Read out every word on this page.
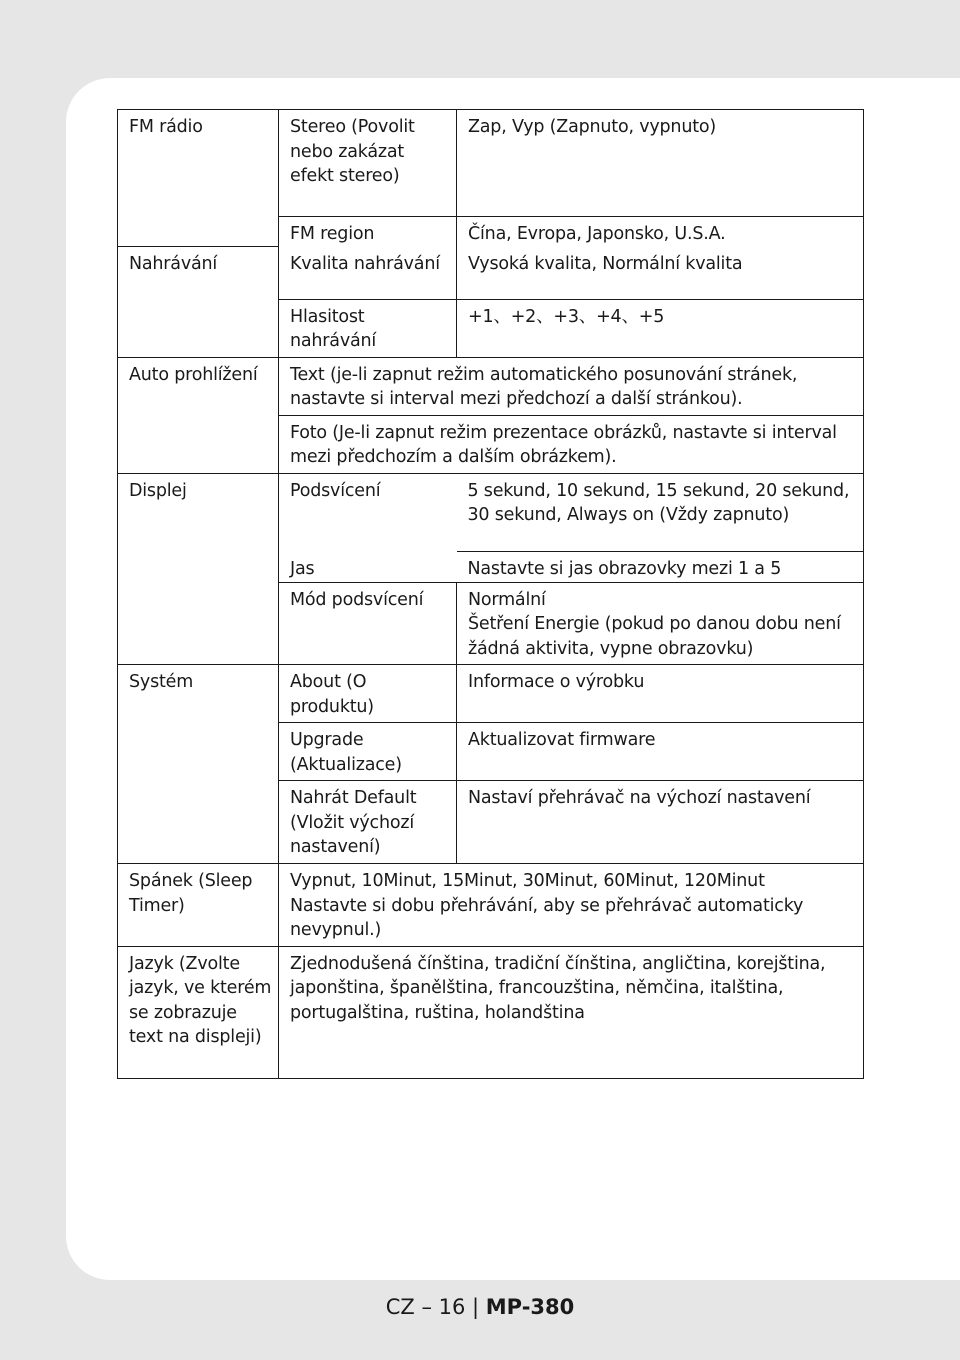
FM rádio	Stereo (Povolit nebo zakázat efekt stereo)	Zap, Vyp (Zapnuto, vypnuto)
	FM region	Čína, Evropa, Japonsko, U.S.A.
Nahrávání	Kvalita nahrávání	Vysoká kvalita, Normální kvalita
	Hlasitost nahrávání	+1、+2、+3、+4、+5
Auto prohlížení	Text (je-li zapnut režim automatického posunování stránek, nastavte si interval mezi předchozí a další stránkou).	
	Foto (Je-li zapnut režim prezentace obrázků, nastavte si interval mezi předchozím a dalším obrázkem).	
Displej	Podsvícení	5 sekund, 10 sekund, 15 sekund, 20 sekund, 30 sekund, Always on (Vždy zapnuto)
	Jas	Nastavte si jas obrazovky mezi 1 a 5
	Mód podsvícení	Normální
Šetření Energie (pokud po danou dobu není žádná aktivita, vypne obrazovku)

Systém	About (O produktu)	Informace o výrobku
	Upgrade (Aktualizace)	Aktualizovat firmware
	Nahrát Default (Vložit výchozí nastavení)	Nastaví přehrávač na výchozí nastavení
Spánek (Sleep Timer)	Vypnut, 10Minut, 15Minut, 30Minut, 60Minut, 120Minut
Nastavte si dobu přehrávání, aby se přehrávač automaticky nevypnul.)	

Jazyk (Zvolte jazyk, ve kterém se zobrazuje text na displeji)	Zjednodušená čínština, tradiční čínština, angličtina, korejština, japonština, španělština, francouzština, němčina, italština, portugalština, ruština, holandština	
CZ – 16 | MP-380
